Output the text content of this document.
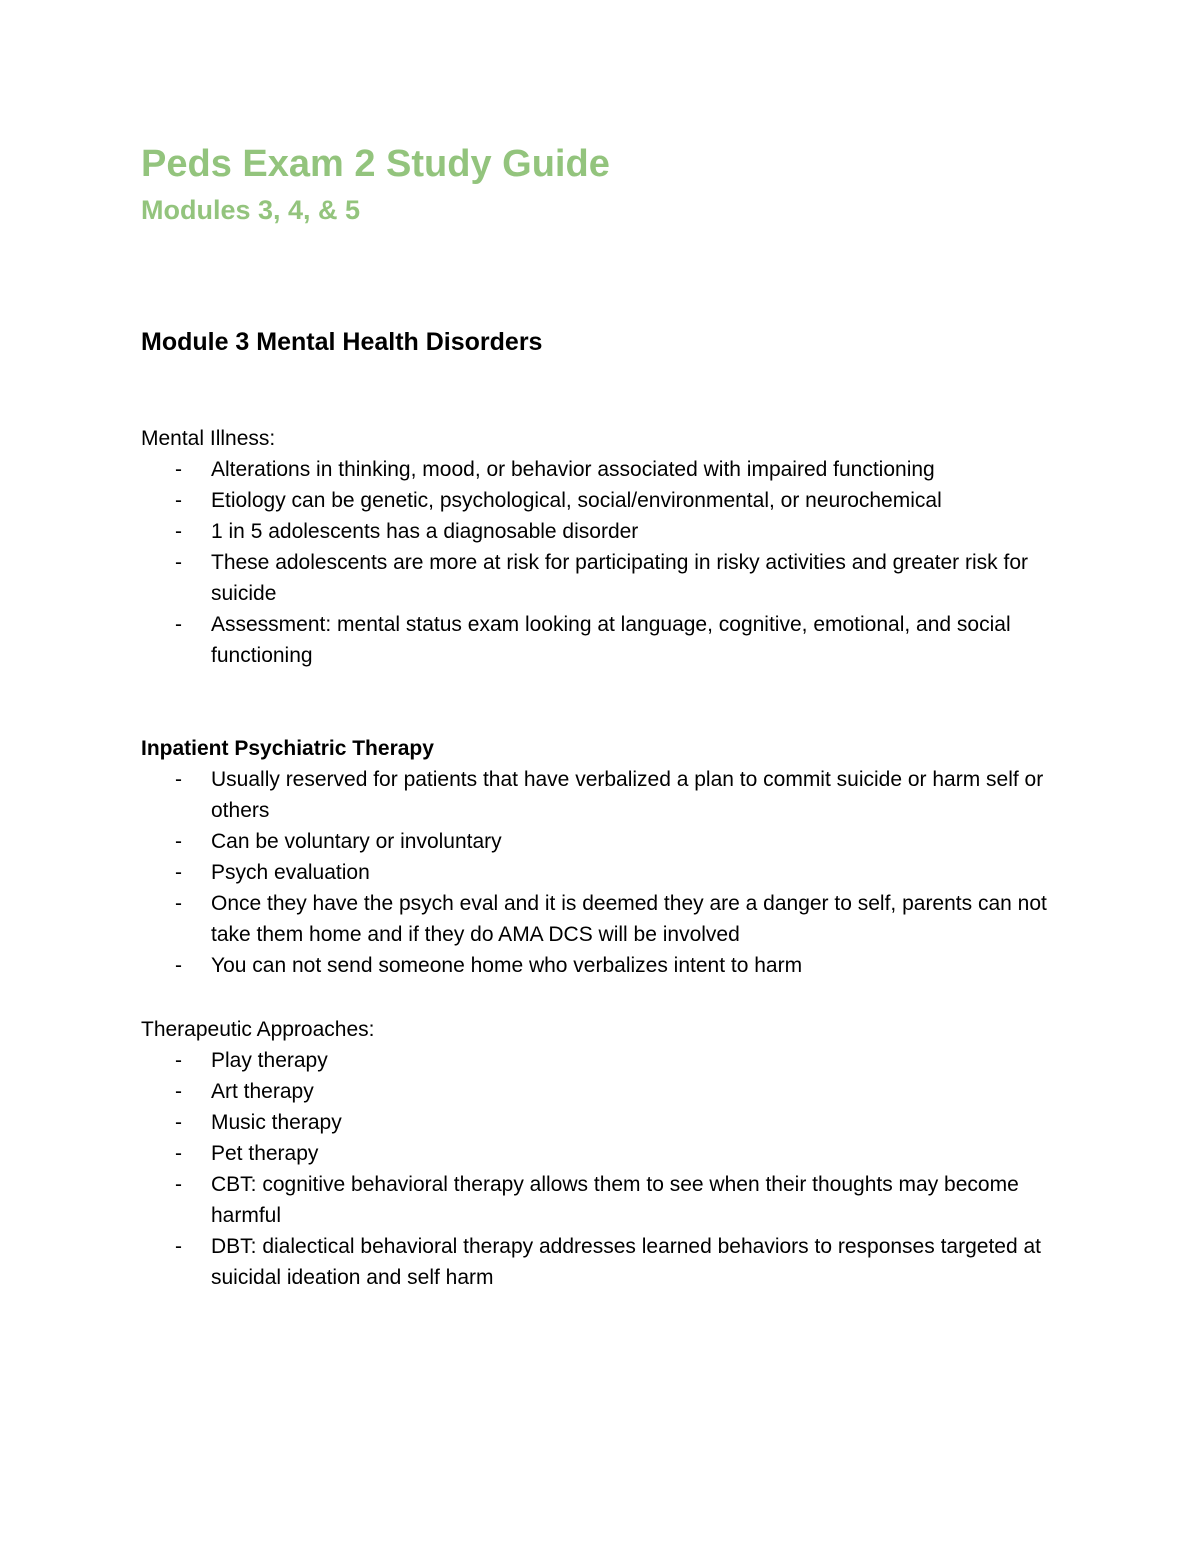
Peds Exam 2 Study Guide
Modules 3, 4, & 5
Module 3 Mental Health Disorders

Mental Illness:

- Alterations in thinking, mood, or behavior associated with impaired functioning
- Etiology can be genetic, psychological, social/environmental, or neurochemical
- 1 in 5 adolescents has a diagnosable disorder
- These adolescents are more at risk for participating in risky activities and greater risk for suicide
- Assessment: mental status exam looking at language, cognitive, emotional, and social functioning

Inpatient Psychiatric Therapy

- Usually reserved for patients that have verbalized a plan to commit suicide or harm self or others
- Can be voluntary or involuntary
- Psych evaluation
- Once they have the psych eval and it is deemed they are a danger to self, parents can not take them home and if they do AMA DCS will be involved
- You can not send someone home who verbalizes intent to harm

Therapeutic Approaches:

- Play therapy
- Art therapy
- Music therapy
- Pet therapy
- CBT: cognitive behavioral therapy allows them to see when their thoughts may become harmful
- DBT: dialectical behavioral therapy addresses learned behaviors to responses targeted at suicidal ideation and self harm
